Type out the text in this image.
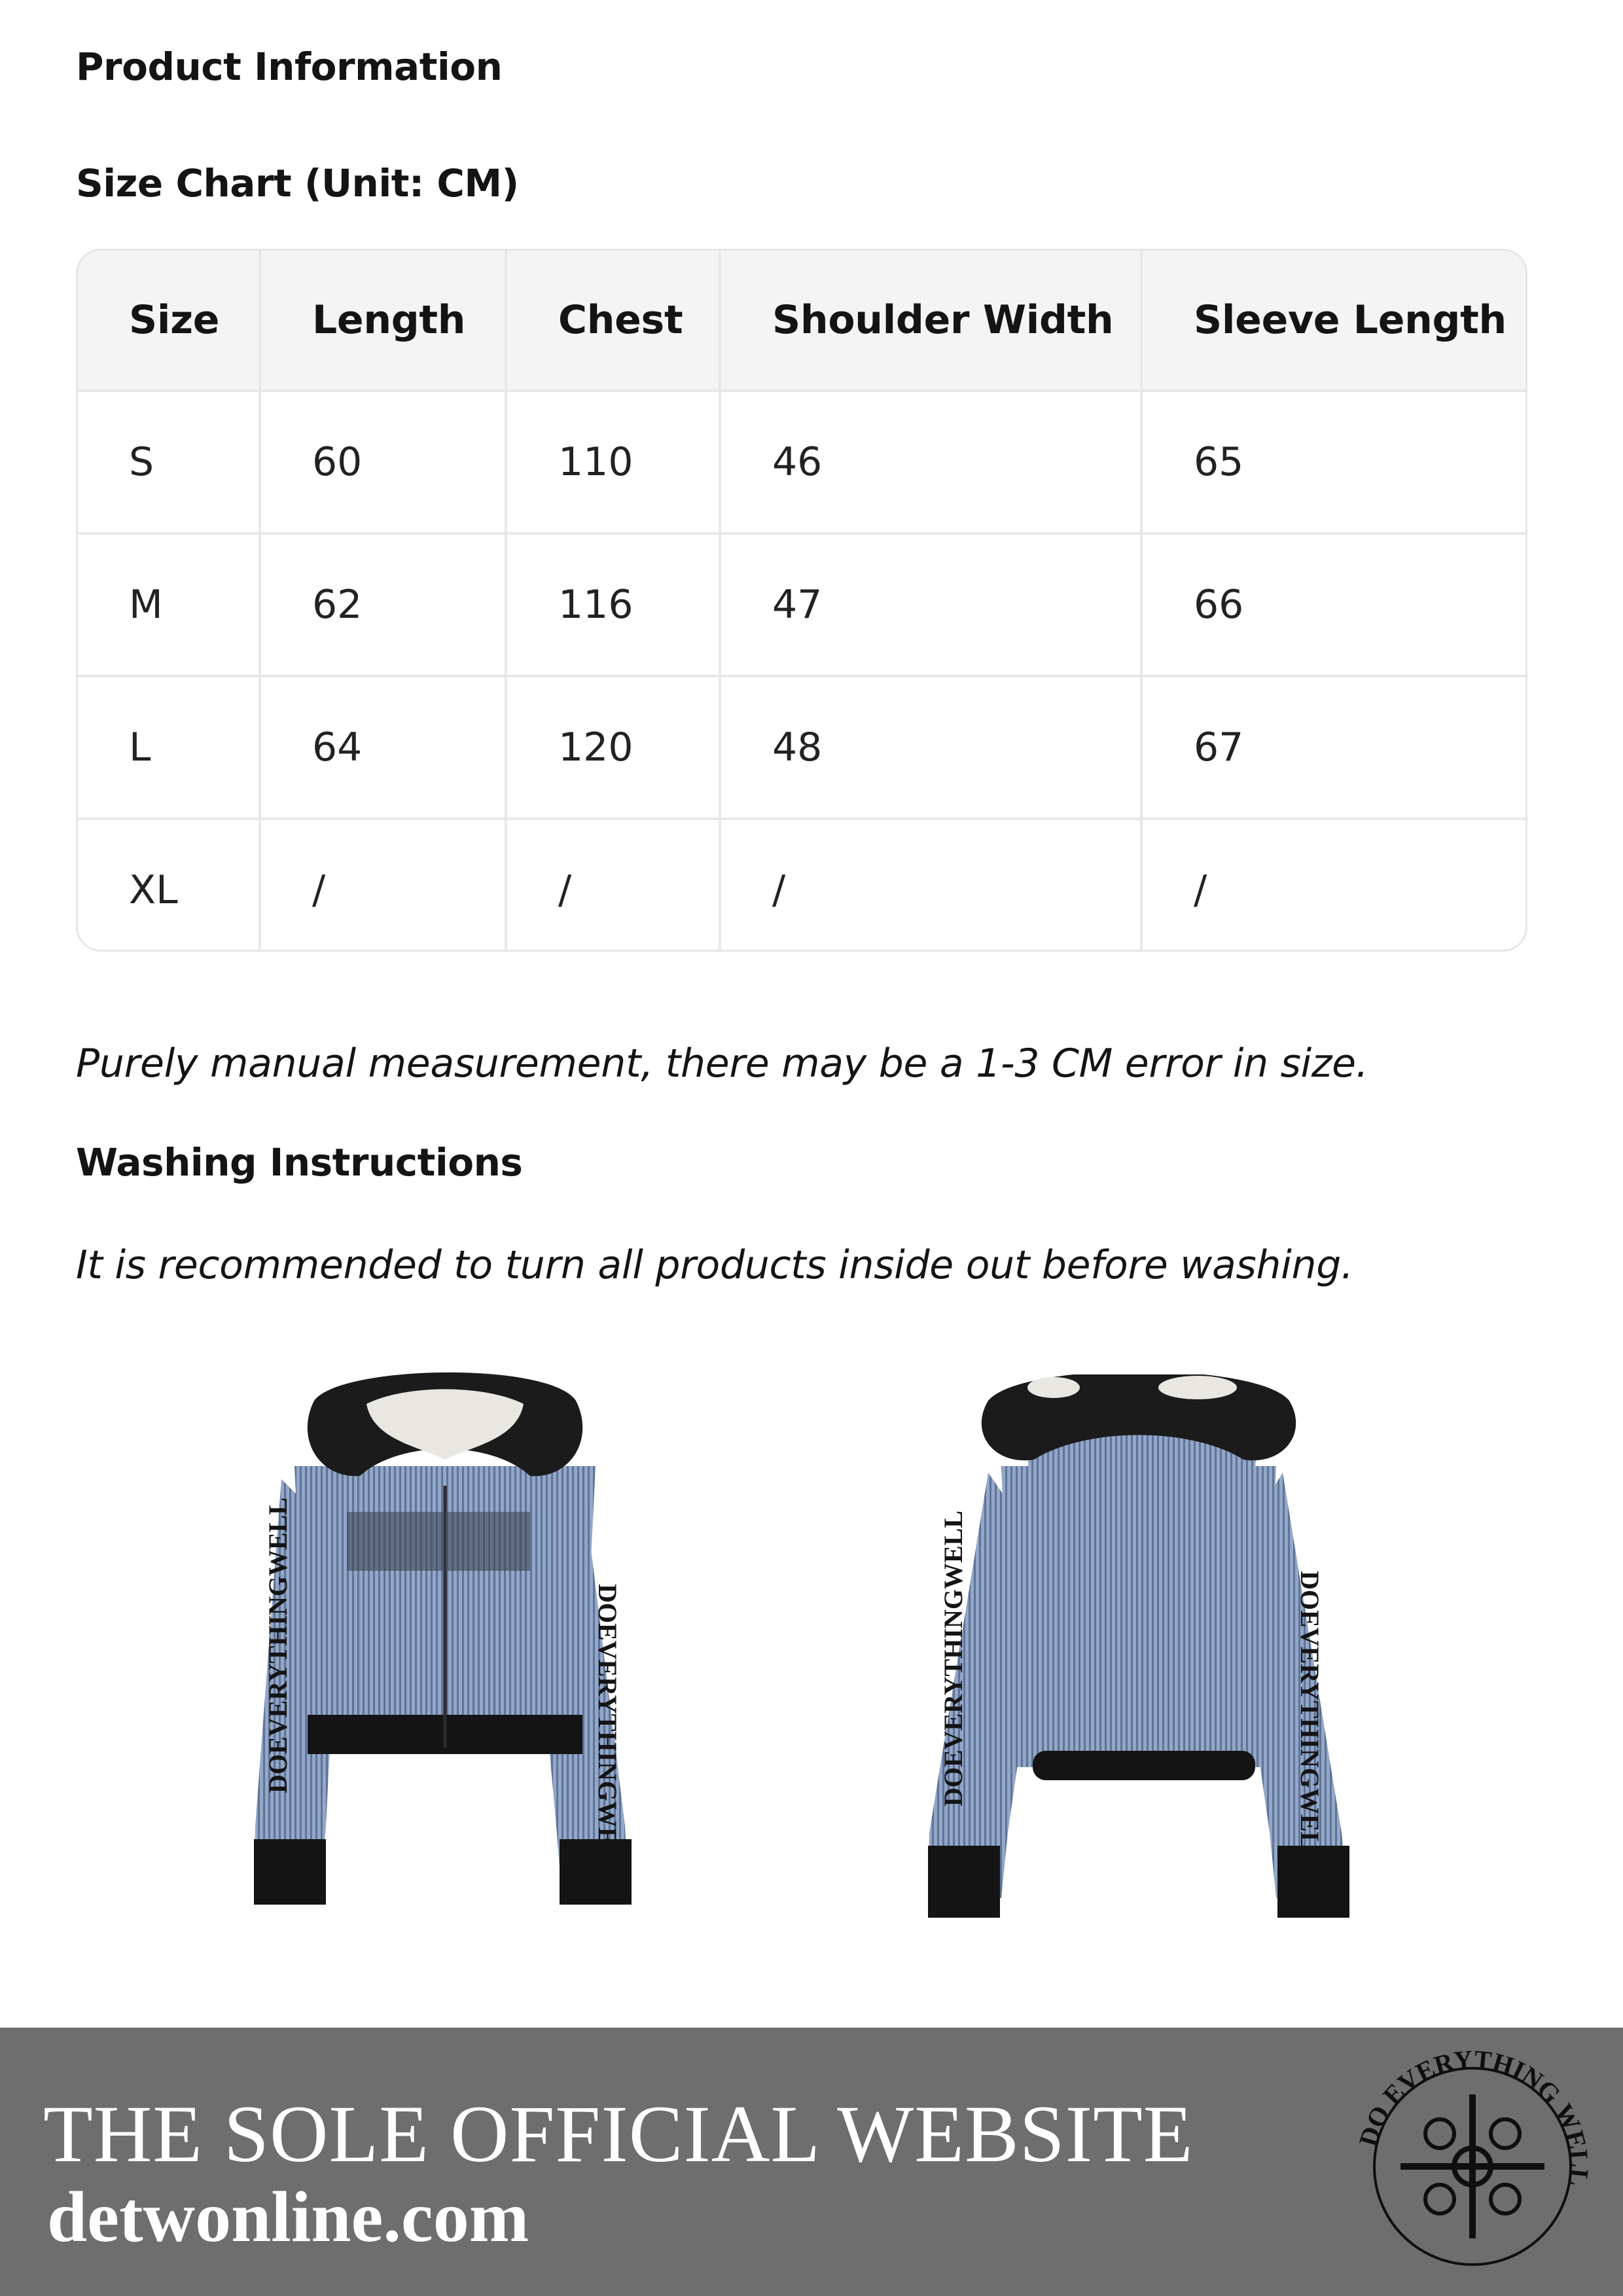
Product Information
Size Chart (Unit: CM)
Size	Length	Chest	Shoulder Width	Sleeve Length
S	60	110	46	65
M	62	116	47	66
L	64	120	48	67
XL	/	/	/	/

Purely manual measurement, there may be a 1-3 CM error in size.

Washing Instructions

It is recommended to turn all products inside out before washing.

DOEVERYTHINGWELL	DOEVERYTHINGWELL	DOEVERYTHINGWELL	DOEVERYTHINGWELL

THE SOLE OFFICIAL WEBSITE

detwonline.com

DO EVERYTHING WELL
